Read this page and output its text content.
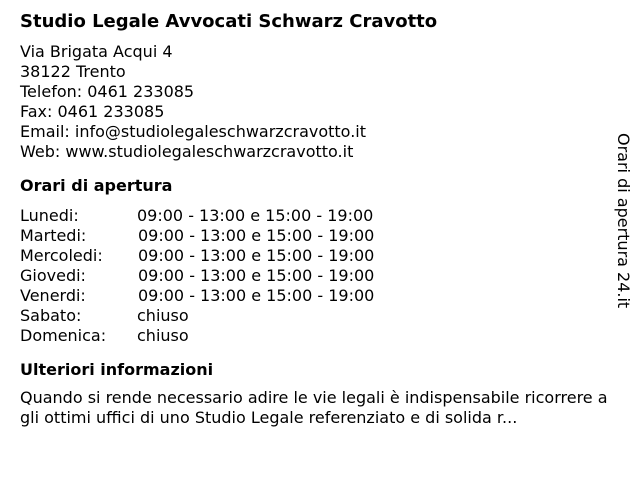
Studio Legale Avvocati Schwarz Cravotto
Via Brigata Acqui 4
38122 Trento
Telefon: 0461 233085
Fax: 0461 233085
Email: info@studiolegaleschwarzcravotto.it
Web: www.studiolegaleschwarzcravotto.it
Orari di apertura
Lunedi:	09:00 - 13:00 e 15:00 - 19:00
Martedi:	09:00 - 13:00 e 15:00 - 19:00
Mercoledi:	09:00 - 13:00 e 15:00 - 19:00
Giovedi:	09:00 - 13:00 e 15:00 - 19:00
Venerdi:	09:00 - 13:00 e 15:00 - 19:00
Sabato:	chiuso
Domenica:	chiuso
Ulteriori informazioni
Quando si rende necessario adire le vie legali è indispensabile ricorrere agli ottimi uffici di uno Studio Legale referenziato e di solida r...
Orari di apertura 24.it
